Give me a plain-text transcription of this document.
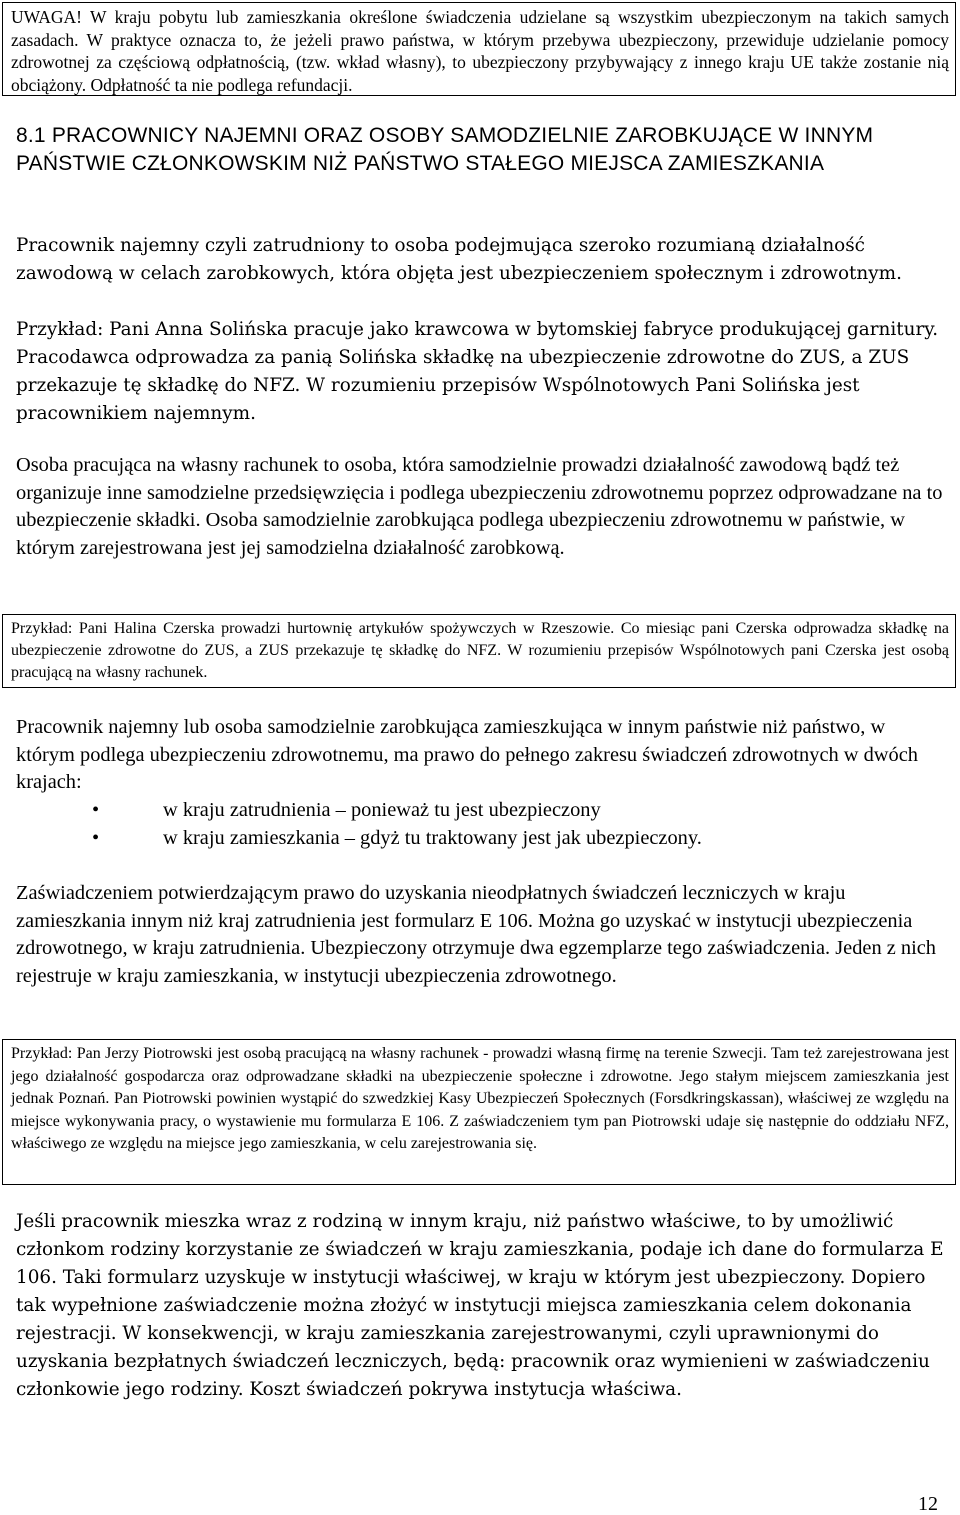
UWAGA! W kraju pobytu lub zamieszkania określone świadczenia udzielane są wszystkim ubezpieczonym na takich samych zasadach. W praktyce oznacza to, że jeżeli prawo państwa, w którym przebywa ubezpieczony, przewiduje udzielanie pomocy zdrowotnej za częściową odpłatnością, (tzw. wkład własny), to ubezpieczony przybywający z innego kraju UE także zostanie nią obciążony. Odpłatność ta nie podlega refundacji.

8.1 PRACOWNICY NAJEMNI ORAZ OSOBY SAMODZIELNIE ZAROBKUJĄCE W INNYM PAŃSTWIE CZŁONKOWSKIM NIŻ PAŃSTWO STAŁEGO MIEJSCA ZAMIESZKANIA

Pracownik najemny czyli zatrudniony to osoba podejmująca szeroko rozumianą działalność zawodową w celach zarobkowych, która objęta jest ubezpieczeniem społecznym i zdrowotnym.

Przykład: Pani Anna Solińska pracuje jako krawcowa w bytomskiej fabryce produkującej garnitury. Pracodawca odprowadza za panią Solińska składkę na ubezpieczenie zdrowotne do ZUS, a ZUS przekazuje tę składkę do NFZ. W rozumieniu przepisów Wspólnotowych Pani Solińska jest pracownikiem najemnym.

Osoba pracująca na własny rachunek to osoba, która samodzielnie prowadzi działalność zawodową bądź też organizuje inne samodzielne przedsięwzięcia i podlega ubezpieczeniu zdrowotnemu poprzez odprowadzane na to ubezpieczenie składki. Osoba samodzielnie zarobkująca podlega ubezpieczeniu zdrowotnemu w państwie, w którym zarejestrowana jest jej samodzielna działalność zarobkową.

Przykład: Pani Halina Czerska prowadzi hurtownię artykułów spożywczych w Rzeszowie. Co miesiąc pani Czerska odprowadza składkę na ubezpieczenie zdrowotne do ZUS, a ZUS przekazuje tę składkę do NFZ. W rozumieniu przepisów Wspólnotowych pani Czerska jest osobą pracującą na własny rachunek.

Pracownik najemny lub osoba samodzielnie zarobkująca zamieszkująca w innym państwie niż państwo, w którym podlega ubezpieczeniu zdrowotnemu, ma prawo do pełnego zakresu świadczeń zdrowotnych w dwóch krajach:

•	w kraju zatrudnienia – ponieważ tu jest ubezpieczony
•	w kraju zamieszkania – gdyż tu traktowany jest jak ubezpieczony.

Zaświadczeniem potwierdzającym prawo do uzyskania nieodpłatnych świadczeń leczniczych w kraju zamieszkania innym niż kraj zatrudnienia jest formularz E 106. Można go uzyskać w instytucji ubezpieczenia zdrowotnego, w kraju zatrudnienia. Ubezpieczony otrzymuje dwa egzemplarze tego zaświadczenia. Jeden z nich rejestruje w kraju zamieszkania, w instytucji ubezpieczenia zdrowotnego.

Przykład: Pan Jerzy Piotrowski jest osobą pracującą na własny rachunek - prowadzi własną firmę na terenie Szwecji. Tam też zarejestrowana jest jego działalność gospodarcza oraz odprowadzane składki na ubezpieczenie społeczne i zdrowotne. Jego stałym miejscem zamieszkania jest jednak Poznań. Pan Piotrowski powinien wystąpić do szwedzkiej Kasy Ubezpieczeń Społecznych (Forsdkringskassan), właściwej ze względu na miejsce wykonywania pracy, o wystawienie mu formularza E 106. Z zaświadczeniem tym pan Piotrowski udaje się następnie do oddziału NFZ, właściwego ze względu na miejsce jego zamieszkania, w celu zarejestrowania się.

Jeśli pracownik mieszka wraz z rodziną w innym kraju, niż państwo właściwe, to by umożliwić członkom rodziny korzystanie ze świadczeń w kraju zamieszkania, podaje ich dane do formularza E 106. Taki formularz uzyskuje w instytucji właściwej, w kraju w którym jest ubezpieczony. Dopiero tak wypełnione zaświadczenie można złożyć w instytucji miejsca zamieszkania celem dokonania rejestracji. W konsekwencji, w kraju zamieszkania zarejestrowanymi, czyli uprawnionymi do uzyskania bezpłatnych świadczeń leczniczych, będą: pracownik oraz wymienieni w zaświadczeniu członkowie jego rodziny. Koszt świadczeń pokrywa instytucja właściwa.

12
